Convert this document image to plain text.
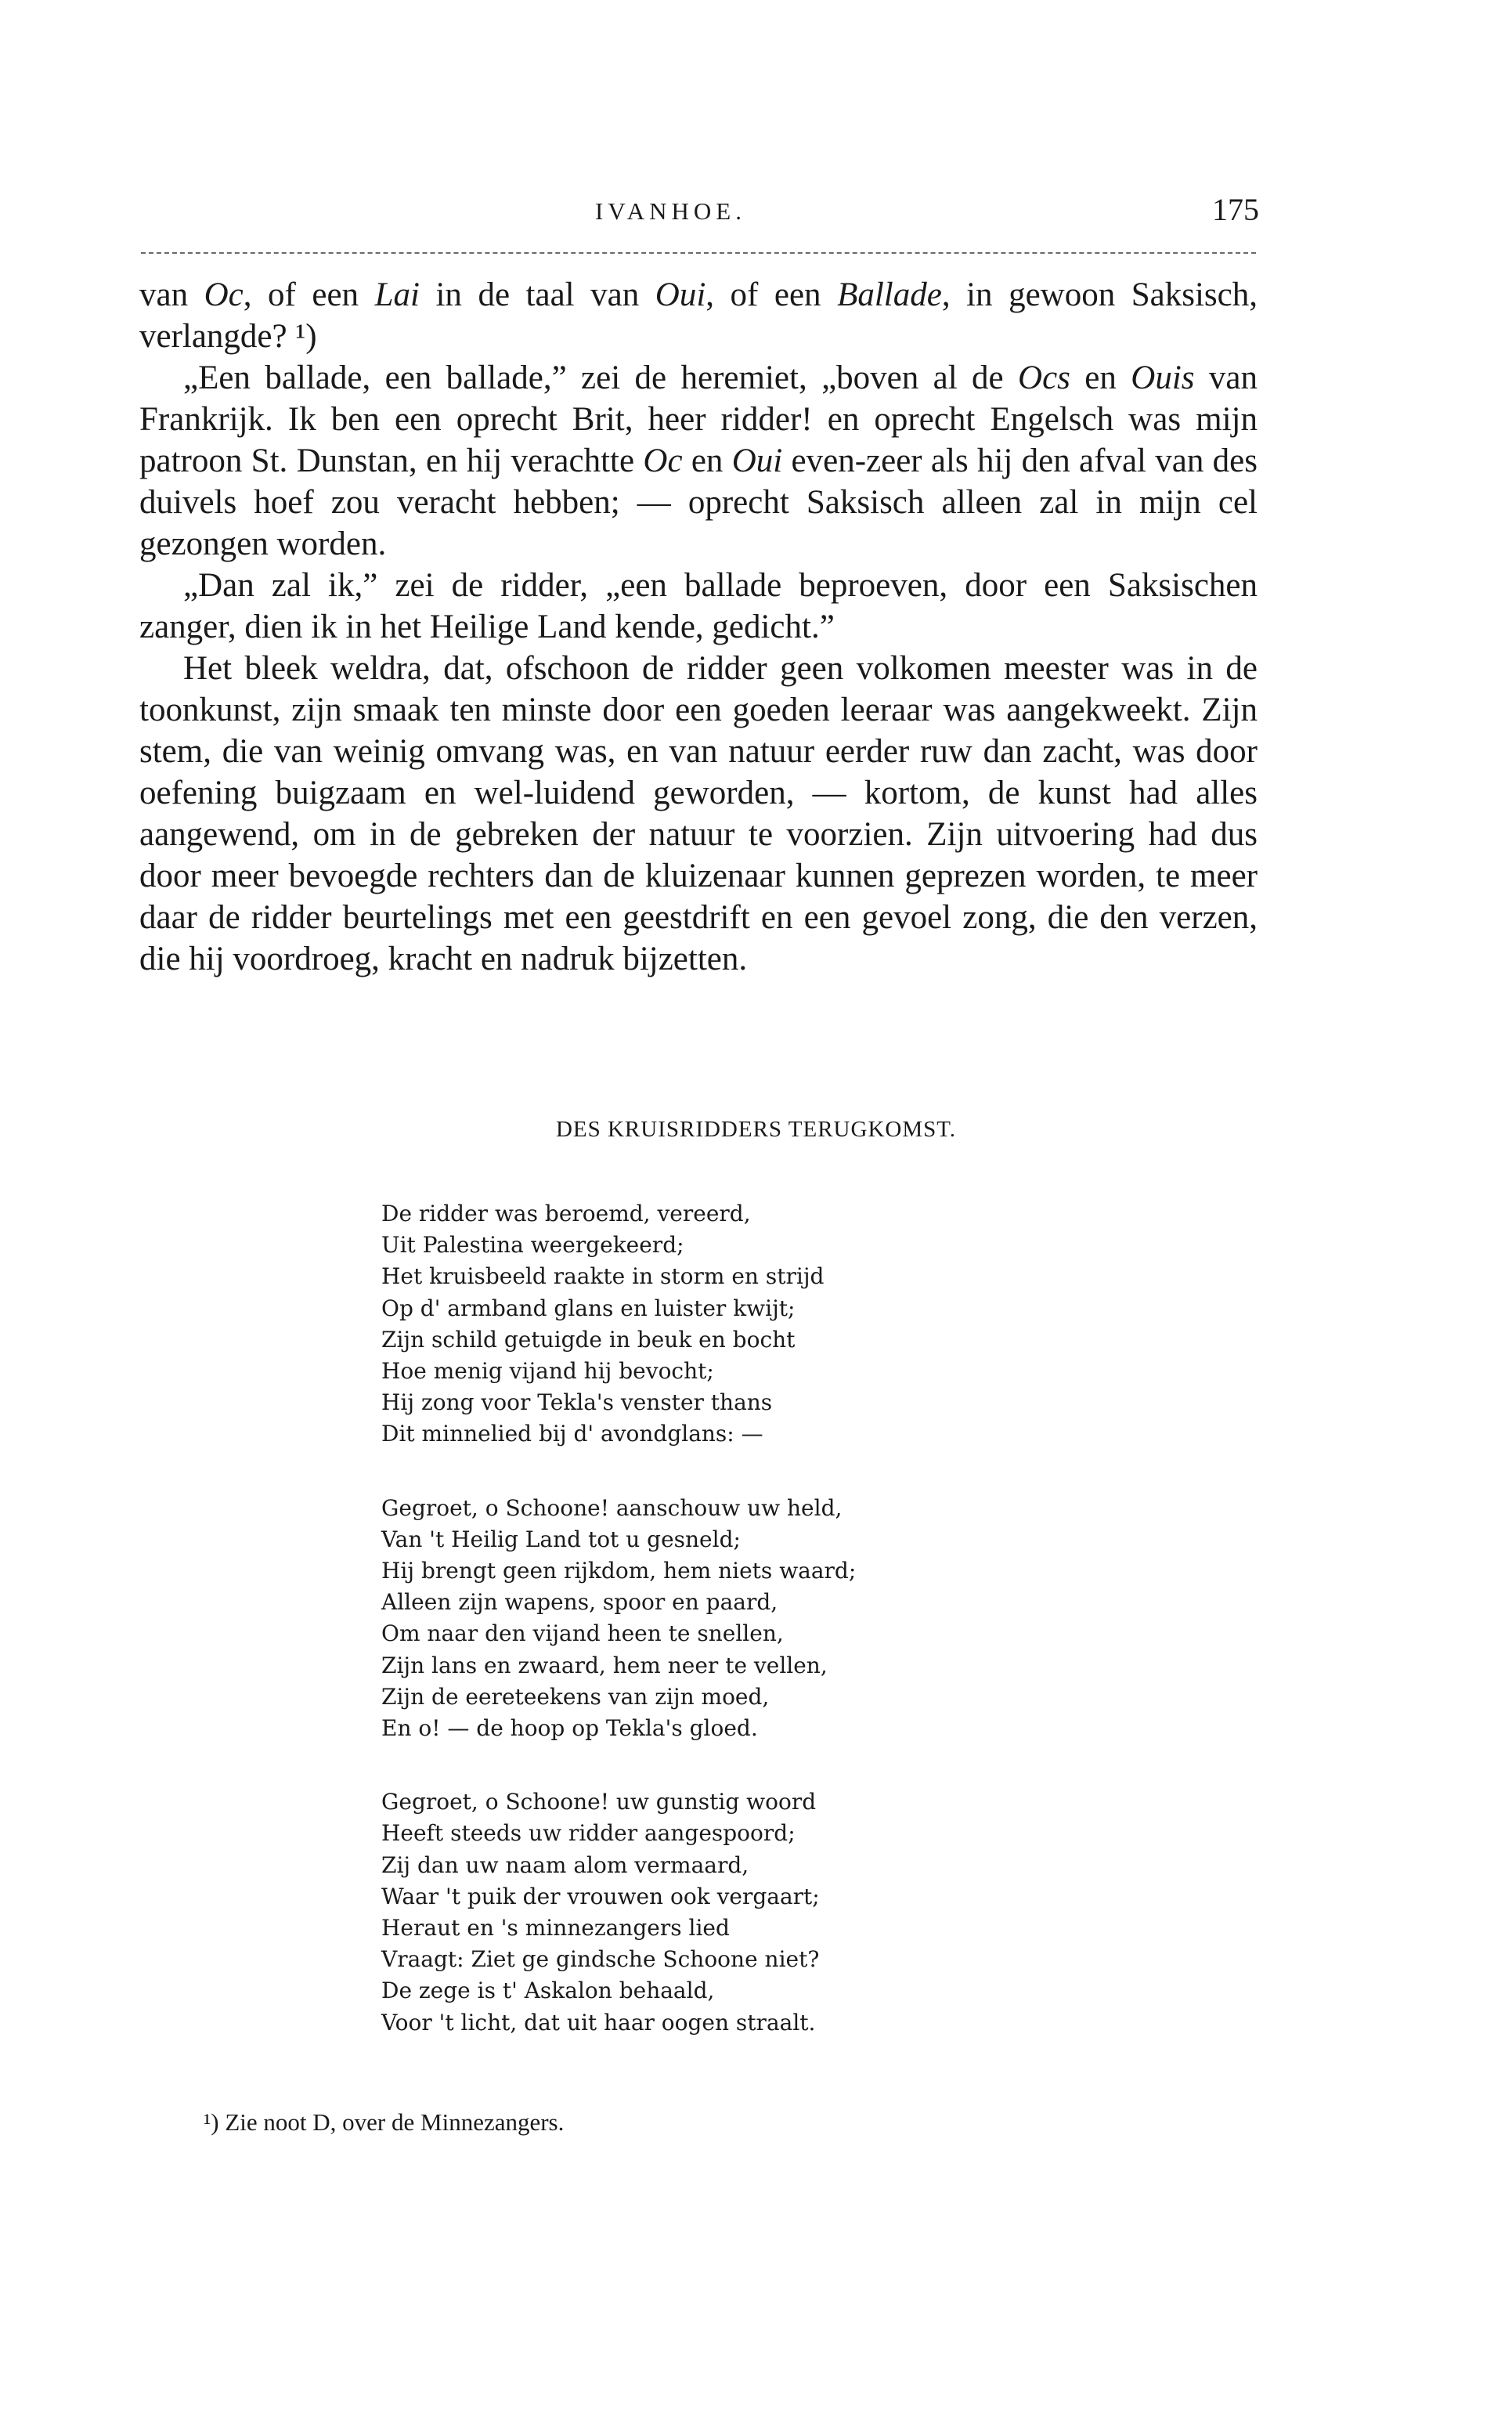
IVANHOE.	175

van Oc, of een Lai in de taal van Oui, of een Ballade, in gewoon Saksisch, verlangde? ¹)

„Een ballade, een ballade,” zei de heremiet, „boven al de Ocs en Ouis van Frankrijk. Ik ben een oprecht Brit, heer ridder! en oprecht Engelsch was mijn patroon St. Dunstan, en hij verachtte Oc en Oui even-zeer als hij den afval van des duivels hoef zou veracht hebben; — oprecht Saksisch alleen zal in mijn cel gezongen worden.

„Dan zal ik,” zei de ridder, „een ballade beproeven, door een Saksischen zanger, dien ik in het Heilige Land kende, gedicht.”

Het bleek weldra, dat, ofschoon de ridder geen volkomen meester was in de toonkunst, zijn smaak ten minste door een goeden leeraar was aangekweekt. Zijn stem, die van weinig omvang was, en van natuur eerder ruw dan zacht, was door oefening buigzaam en wel-luidend geworden, — kortom, de kunst had alles aangewend, om in de gebreken der natuur te voorzien. Zijn uitvoering had dus door meer bevoegde rechters dan de kluizenaar kunnen geprezen worden, te meer daar de ridder beurtelings met een geestdrift en een gevoel zong, die den verzen, die hij voordroeg, kracht en nadruk bijzetten.

DES KRUISRIDDERS TERUGKOMST.
De ridder was beroemd, vereerd,
Uit Palestina weergekeerd;
Het kruisbeeld raakte in storm en strijd
Op d' armband glans en luister kwijt;
Zijn schild getuigde in beuk en bocht
Hoe menig vijand hij bevocht;
Hij zong voor Tekla's venster thans
Dit minnelied bij d' avondglans: —
Gegroet, o Schoone! aanschouw uw held,
Van 't Heilig Land tot u gesneld;
Hij brengt geen rijkdom, hem niets waard;
Alleen zijn wapens, spoor en paard,
Om naar den vijand heen te snellen,
Zijn lans en zwaard, hem neer te vellen,
Zijn de eereteekens van zijn moed,
En o! — de hoop op Tekla's gloed.
Gegroet, o Schoone! uw gunstig woord
Heeft steeds uw ridder aangespoord;
Zij dan uw naam alom vermaard,
Waar 't puik der vrouwen ook vergaart;
Heraut en 's minnezangers lied
Vraagt: Ziet ge gindsche Schoone niet?
De zege is t' Askalon behaald,
Voor 't licht, dat uit haar oogen straalt.
¹) Zie noot D, over de Minnezangers.
